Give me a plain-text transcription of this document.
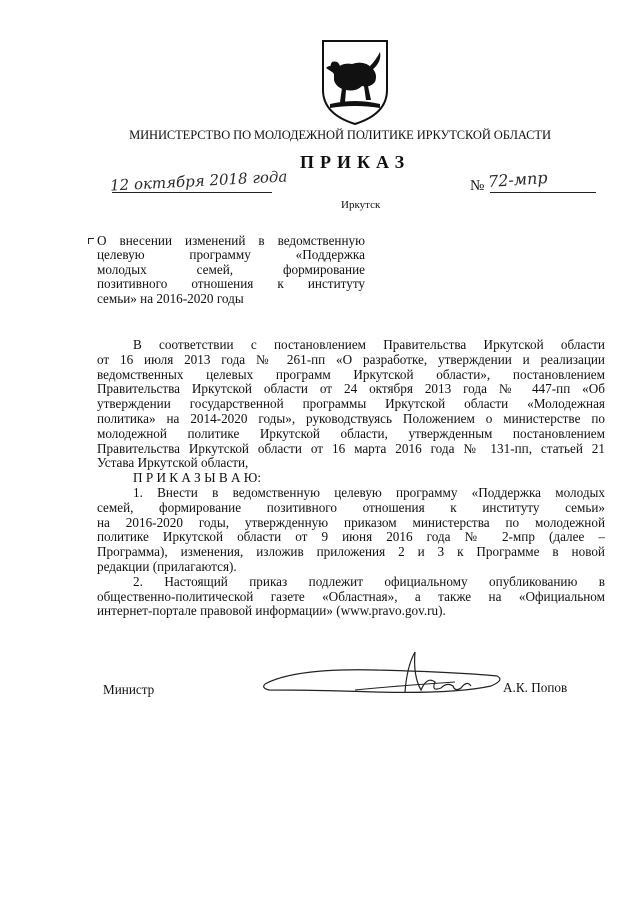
МИНИСТЕРСТВО ПО МОЛОДЕЖНОЙ ПОЛИТИКЕ ИРКУТСКОЙ ОБЛАСТИ
ПРИКАЗ
12 октября 2018 года	№ 72-мпр
Иркутск
О внесении изменений в ведомственную
целевую программу «Поддержка
молодых семей, формирование
позитивного отношения к институту
семьи» на 2016-2020 годы
В соответствии с постановлением Правительства Иркутской области
от 16 июля 2013 года № 261-пп «О разработке, утверждении и реализации
ведомственных целевых программ Иркутской области», постановлением
Правительства Иркутской области от 24 октября 2013 года № 447-пп «Об
утверждении государственной программы Иркутской области «Молодежная
политика» на 2014-2020 годы», руководствуясь Положением о министерстве по
молодежной политике Иркутской области, утвержденным постановлением
Правительства Иркутской области от 16 марта 2016 года № 131-пп, статьей 21
Устава Иркутской области,
П Р И К А З Ы В А Ю:
1. Внести в ведомственную целевую программу «Поддержка молодых
семей, формирование позитивного отношения к институту семьи»
на 2016-2020 годы, утвержденную приказом министерства по молодежной
политике Иркутской области от 9 июня 2016 года № 2-мпр (далее –
Программа), изменения, изложив приложения 2 и 3 к Программе в новой
редакции (прилагаются).
2. Настоящий приказ подлежит официальному опубликованию в
общественно-политической газете «Областная», а также на «Официальном
интернет-портале правовой информации» (www.pravo.gov.ru).
Министр	А.К. Попов
